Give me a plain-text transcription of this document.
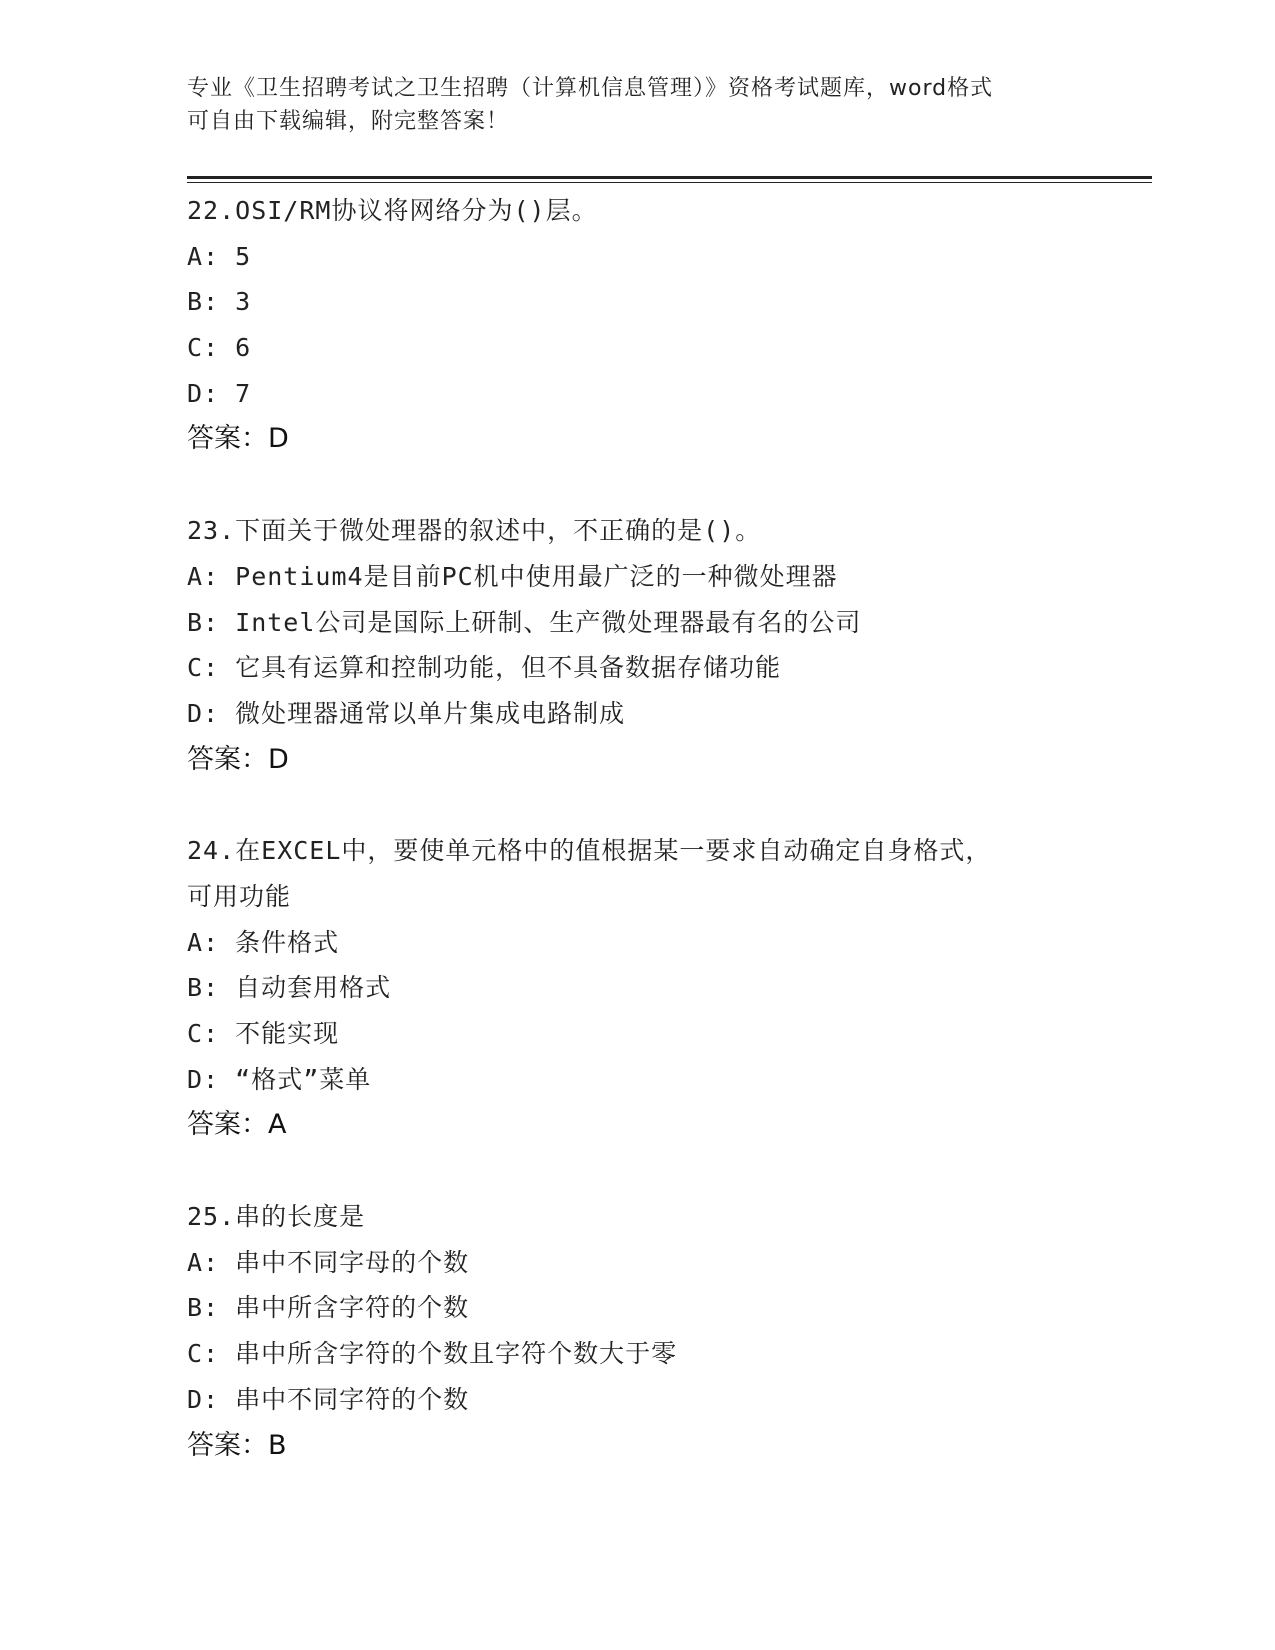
专业《卫生招聘考试之卫生招聘（计算机信息管理）》资格考试题库，word格式
可自由下载编辑，附完整答案！
22.OSI/RM协议将网络分为()层。
A: 5
B: 3
C: 6
D: 7
答案：D
23.下面关于微处理器的叙述中，不正确的是()。
A: Pentium4是目前PC机中使用最广泛的一种微处理器
B: Intel公司是国际上研制、生产微处理器最有名的公司
C: 它具有运算和控制功能，但不具备数据存储功能
D: 微处理器通常以单片集成电路制成
答案：D
24.在EXCEL中，要使单元格中的值根据某一要求自动确定自身格式，
可用功能
A: 条件格式
B: 自动套用格式
C: 不能实现
D: “格式”菜单
答案：A
25.串的长度是
A: 串中不同字母的个数
B: 串中所含字符的个数
C: 串中所含字符的个数且字符个数大于零
D: 串中不同字符的个数
答案：B
